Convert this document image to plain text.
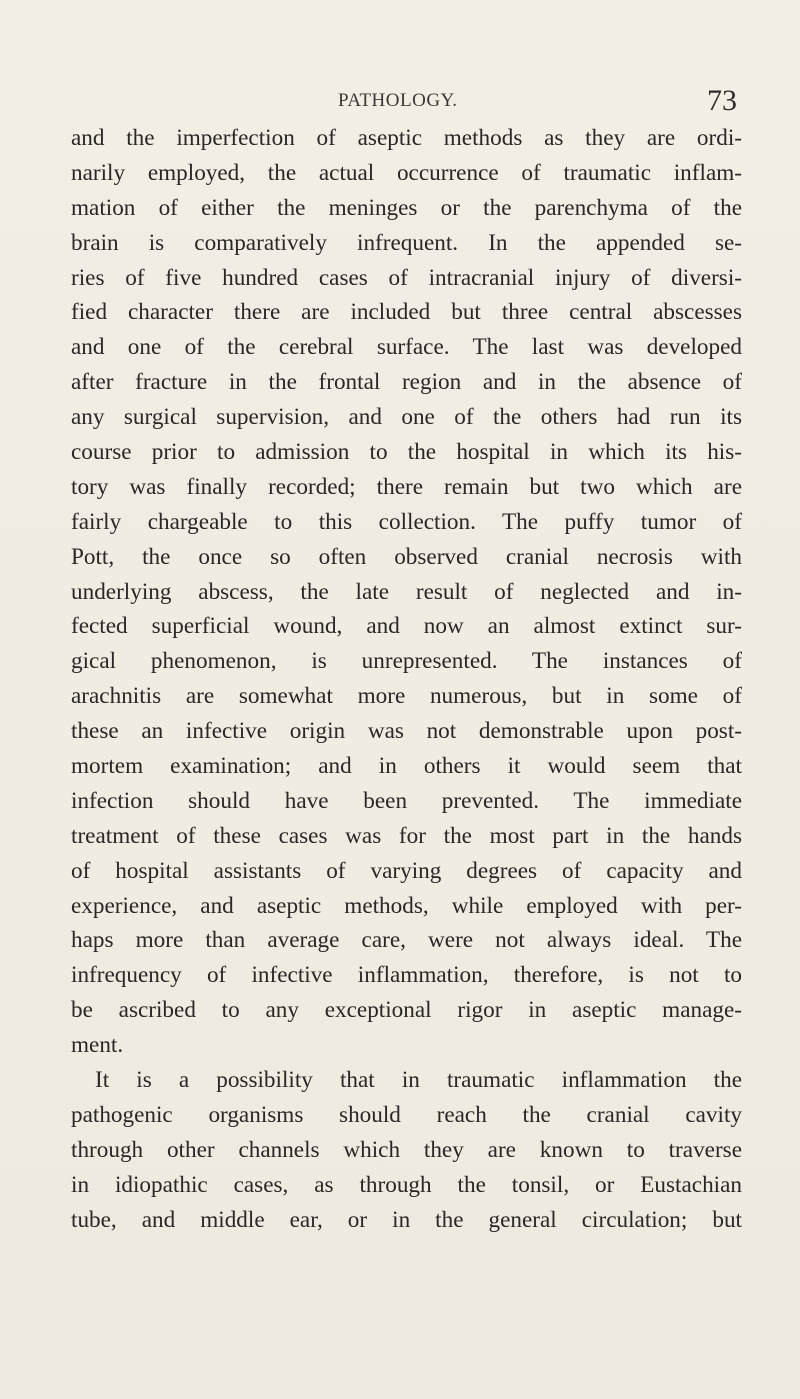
PATHOLOGY.	73
and the imperfection of aseptic methods as they are ordi-
narily employed, the actual occurrence of traumatic inflam-
mation of either the meninges or the parenchyma of the
brain is comparatively infrequent. In the appended se-
ries of five hundred cases of intracranial injury of diversi-
fied character there are included but three central abscesses
and one of the cerebral surface. The last was developed
after fracture in the frontal region and in the absence of
any surgical supervision, and one of the others had run its
course prior to admission to the hospital in which its his-
tory was finally recorded; there remain but two which are
fairly chargeable to this collection. The puffy tumor of
Pott, the once so often observed cranial necrosis with
underlying abscess, the late result of neglected and in-
fected superficial wound, and now an almost extinct sur-
gical phenomenon, is unrepresented. The instances of
arachnitis are somewhat more numerous, but in some of
these an infective origin was not demonstrable upon post-
mortem examination; and in others it would seem that
infection should have been prevented. The immediate
treatment of these cases was for the most part in the hands
of hospital assistants of varying degrees of capacity and
experience, and aseptic methods, while employed with per-
haps more than average care, were not always ideal. The
infrequency of infective inflammation, therefore, is not to
be ascribed to any exceptional rigor in aseptic manage-
ment.
It is a possibility that in traumatic inflammation the
pathogenic organisms should reach the cranial cavity
through other channels which they are known to traverse
in idiopathic cases, as through the tonsil, or Eustachian
tube, and middle ear, or in the general circulation; but
